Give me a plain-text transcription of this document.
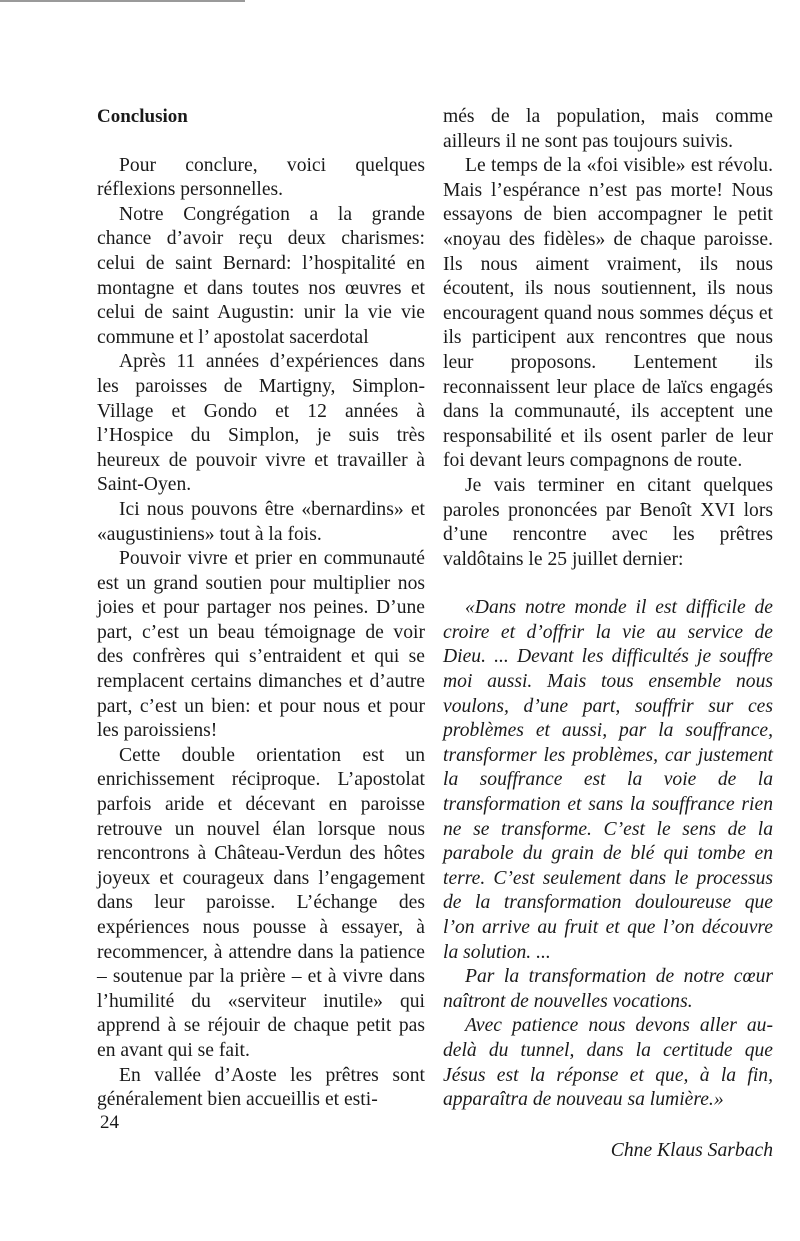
Conclusion

Pour conclure, voici quelques réflexions personnelles.

Notre Congrégation a la grande chance d’avoir reçu deux charismes: celui de saint Bernard: l’hospitalité en montagne et dans toutes nos œuvres et celui de saint Augustin: unir la vie vie commune et l’ apostolat sacerdotal

Après 11 années d’expériences dans les paroisses de Martigny, Simplon-Village et Gondo et 12 années à l’Hospice du Simplon, je suis très heureux de pouvoir vivre et travailler à Saint-Oyen.

Ici nous pouvons être «bernardins» et «augustiniens» tout à la fois.

Pouvoir vivre et prier en communauté est un grand soutien pour multiplier nos joies et pour partager nos peines. D’une part, c’est un beau témoignage de voir des confrères qui s’entraident et qui se remplacent certains dimanches et d’autre part, c’est un bien: et pour nous et pour les paroissiens!

Cette double orientation est un enrichissement réciproque. L’apostolat parfois aride et décevant en paroisse retrouve un nouvel élan lorsque nous rencontrons à Château-Verdun des hôtes joyeux et courageux dans l’engagement dans leur paroisse. L’échange des expériences nous pousse à essayer, à recommencer, à attendre dans la patience – soutenue par la prière – et à vivre dans l’humilité du «serviteur inutile» qui apprend à se réjouir de chaque petit pas en avant qui se fait.

En vallée d’Aoste les prêtres sont généralement bien accueillis et esti-

més de la population, mais comme ailleurs il ne sont pas toujours suivis.

Le temps de la «foi visible» est révolu. Mais l’espérance n’est pas morte! Nous essayons de bien accompagner le petit «noyau des fidèles» de chaque paroisse. Ils nous aiment vraiment, ils nous écoutent, ils nous soutiennent, ils nous encouragent quand nous sommes déçus et ils participent aux rencontres que nous leur proposons. Lentement ils reconnaissent leur place de laïcs engagés dans la communauté, ils acceptent une responsabilité et ils osent parler de leur foi devant leurs compagnons de route.

Je vais terminer en citant quelques paroles prononcées par Benoît XVI lors d’une rencontre avec les prêtres valdôtains le 25 juillet dernier:

«Dans notre monde il est difficile de croire et d’offrir la vie au service de Dieu. ... Devant les difficultés je souffre moi aussi. Mais tous ensemble nous voulons, d’une part, souffrir sur ces problèmes et aussi, par la souffrance, transformer les problèmes, car justement la souffrance est la voie de la transformation et sans la souffrance rien ne se transforme. C’est le sens de la parabole du grain de blé qui tombe en terre. C’est seulement dans le processus de la transformation douloureuse que l’on arrive au fruit et que l’on découvre la solution. ...

Par la transformation de notre cœur naîtront de nouvelles vocations.

Avec patience nous devons aller au-delà du tunnel, dans la certitude que Jésus est la réponse et que, à la fin, apparaîtra de nouveau sa lumière.»

Chne Klaus Sarbach
24
